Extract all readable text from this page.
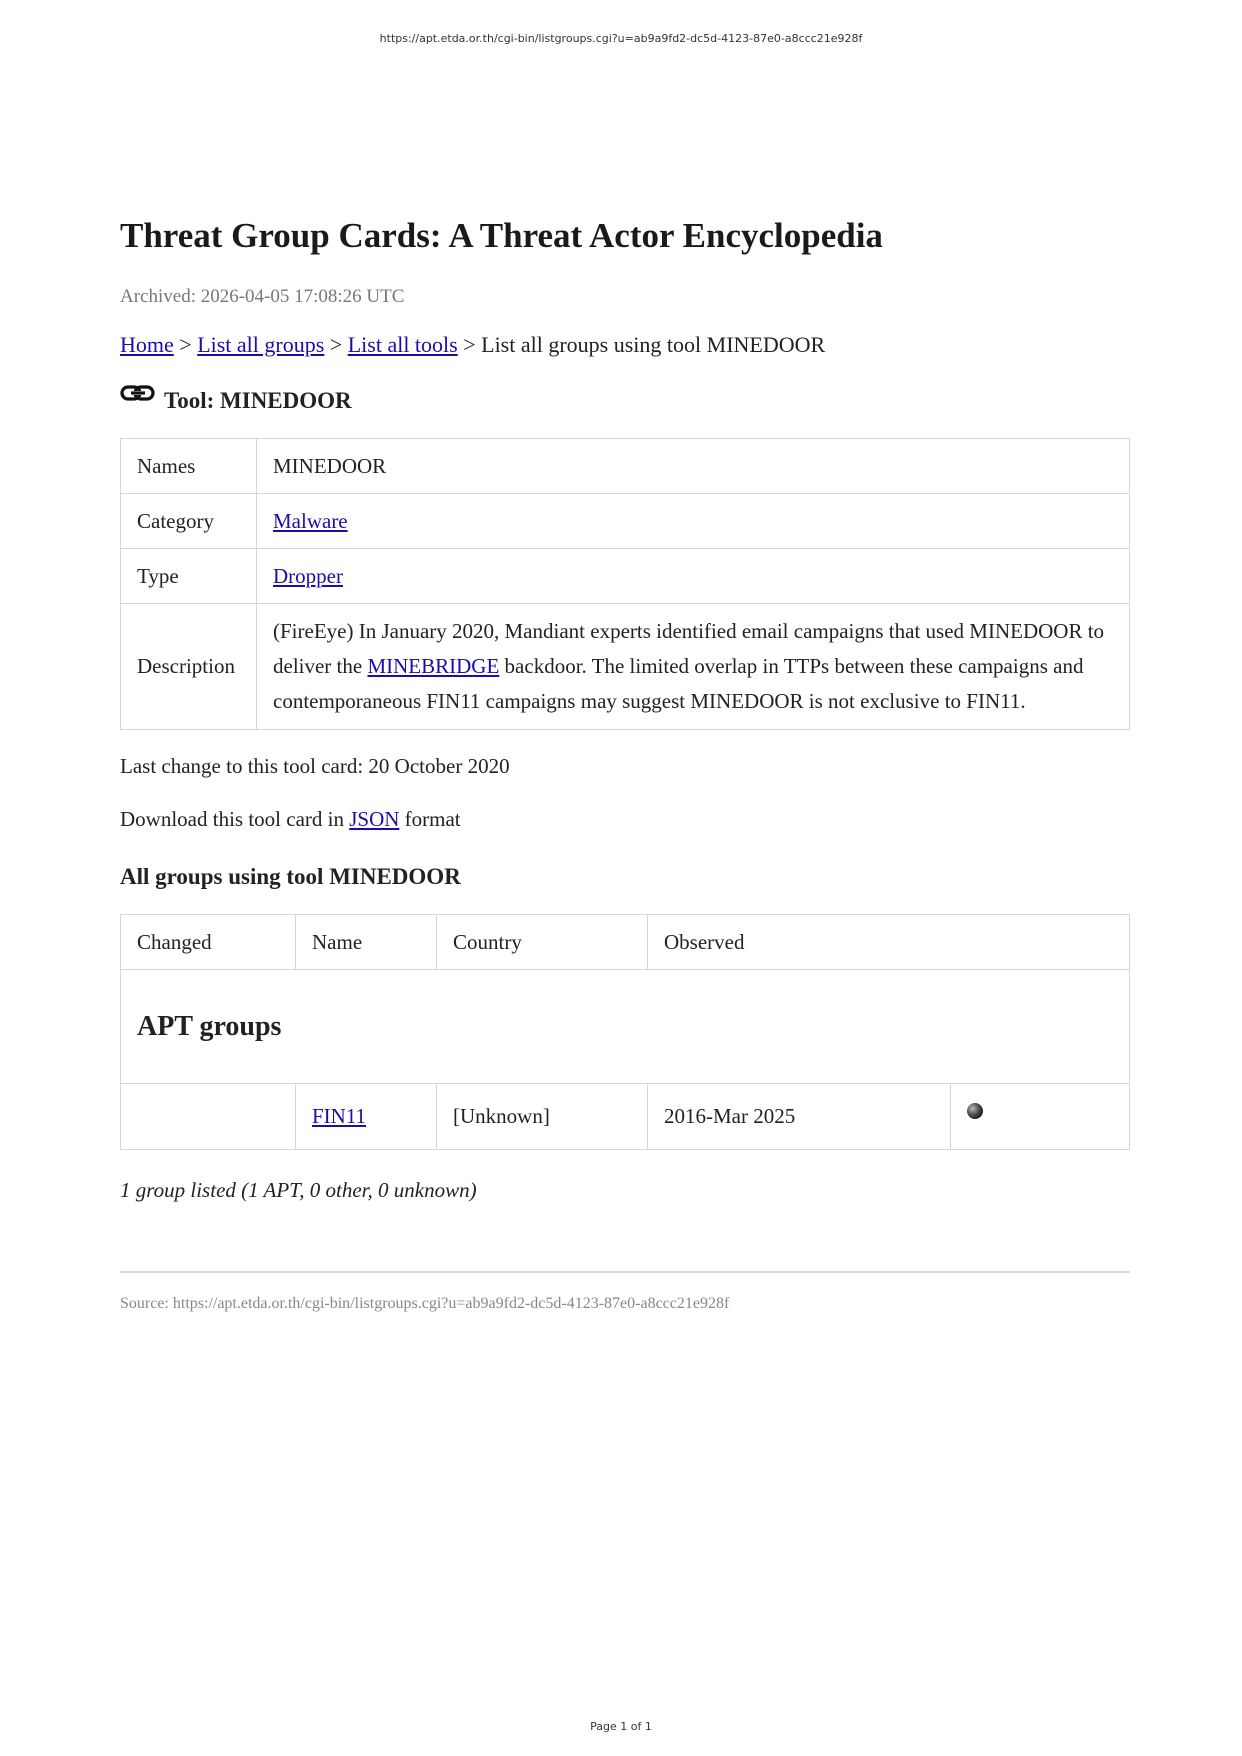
https://apt.etda.or.th/cgi-bin/listgroups.cgi?u=ab9a9fd2-dc5d-4123-87e0-a8ccc21e928f
Threat Group Cards: A Threat Actor Encyclopedia
Archived: 2026-04-05 17:08:26 UTC
Home > List all groups > List all tools > List all groups using tool MINEDOOR
Tool: MINEDOOR
Names	MINEDOOR
Category	Malware
Type	Dropper
Description	(FireEye) In January 2020, Mandiant experts identified email campaigns that used MINEDOOR to deliver the MINEBRIDGE backdoor. The limited overlap in TTPs between these campaigns and contemporaneous FIN11 campaigns may suggest MINEDOOR is not exclusive to FIN11.
Last change to this tool card: 20 October 2020
Download this tool card in JSON format
All groups using tool MINEDOOR
Changed	Name	Country	Observed	
APT groups				
	FIN11	[Unknown]	2016-Mar 2025	
1 group listed (1 APT, 0 other, 0 unknown)
Source: https://apt.etda.or.th/cgi-bin/listgroups.cgi?u=ab9a9fd2-dc5d-4123-87e0-a8ccc21e928f
Page 1 of 1
